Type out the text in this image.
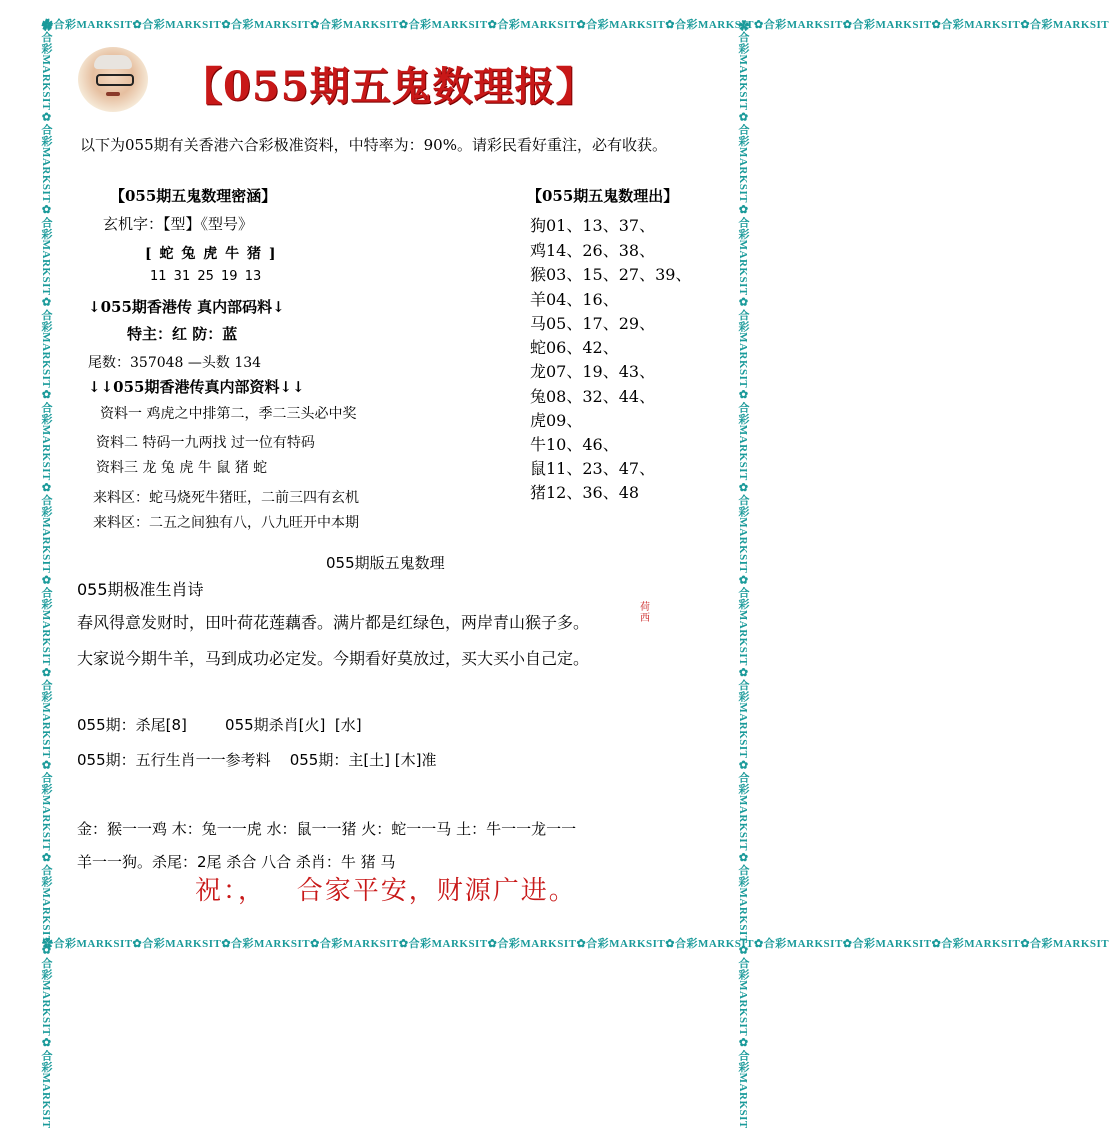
✿合彩MARKSIT✿合彩MARKSIT✿合彩MARKSIT✿合彩MARKSIT✿合彩MARKSIT✿合彩MARKSIT✿合彩MARKSIT✿合彩MARKSIT✿合彩MARKSIT✿合彩MARKSIT✿合彩MARKSIT✿合彩MARKSIT
✿合彩MARKSIT✿合彩MARKSIT✿合彩MARKSIT✿合彩MARKSIT✿合彩MARKSIT✿合彩MARKSIT✿合彩MARKSIT✿合彩MARKSIT✿合彩MARKSIT✿合彩MARKSIT✿合彩MARKSIT✿合彩MARKSIT
✿合彩MARKSIT✿合彩MARKSIT✿合彩MARKSIT✿合彩MARKSIT✿合彩MARKSIT✿合彩MARKSIT✿合彩MARKSIT✿合彩MARKSIT✿合彩MARKSIT✿合彩MARKSIT✿合彩MARKSIT✿合彩MARKSIT	✿合彩MARKSIT✿合彩MARKSIT✿合彩MARKSIT✿合彩MARKSIT✿合彩MARKSIT✿合彩MARKSIT✿合彩MARKSIT✿合彩MARKSIT✿合彩MARKSIT✿合彩MARKSIT✿合彩MARKSIT✿合彩MARKSIT
【055期五鬼数理报】
以下为055期有关香港六合彩极准资料，中特率为：90%。请彩民看好重注，必有收获。
【055期五鬼数理密涵】
玄机字：【型】《型号》
[ 蛇 兔 虎 牛 猪 ]
11 31 25 19 13
↓055期香港传 真内部码料↓
特主：红 防：蓝
尾数：357048 —头数 134
↓↓055期香港传真内部资料↓↓
资料一 鸡虎之中排第二，季二三头必中奖
资料二 特码一九两找 过一位有特码
资料三 龙 兔 虎 牛 鼠 猪 蛇
来料区：蛇马烧死牛猪旺，二前三四有玄机
来料区：二五之间独有八，八九旺开中本期
【055期五鬼数理出】
狗01、13、37、
鸡14、26、38、
猴03、15、27、39、
羊04、16、
马05、17、29、
蛇06、42、
龙07、19、43、
兔08、32、44、
虎09、
牛10、46、
鼠11、23、47、
猪12、36、48
055期版五鬼数理
055期极准生肖诗
春风得意发财时，田叶荷花莲藕香。满片都是红绿色，两岸青山猴子多。
大家说今期牛羊，马到成功必定发。今期看好莫放过，买大买小自己定。
荷 西
055期：杀尾[8]        055期杀肖[火]  [水]
055期：五行生肖一一参考料    055期：主[土] [木]准
金：猴一一鸡 木：兔一一虎 水：鼠一一猪 火：蛇一一马 土：牛一一龙一一
羊一一狗。杀尾：2尾 杀合 八合 杀肖：牛 猪 马
祝：，   合家平安，财源广进。
